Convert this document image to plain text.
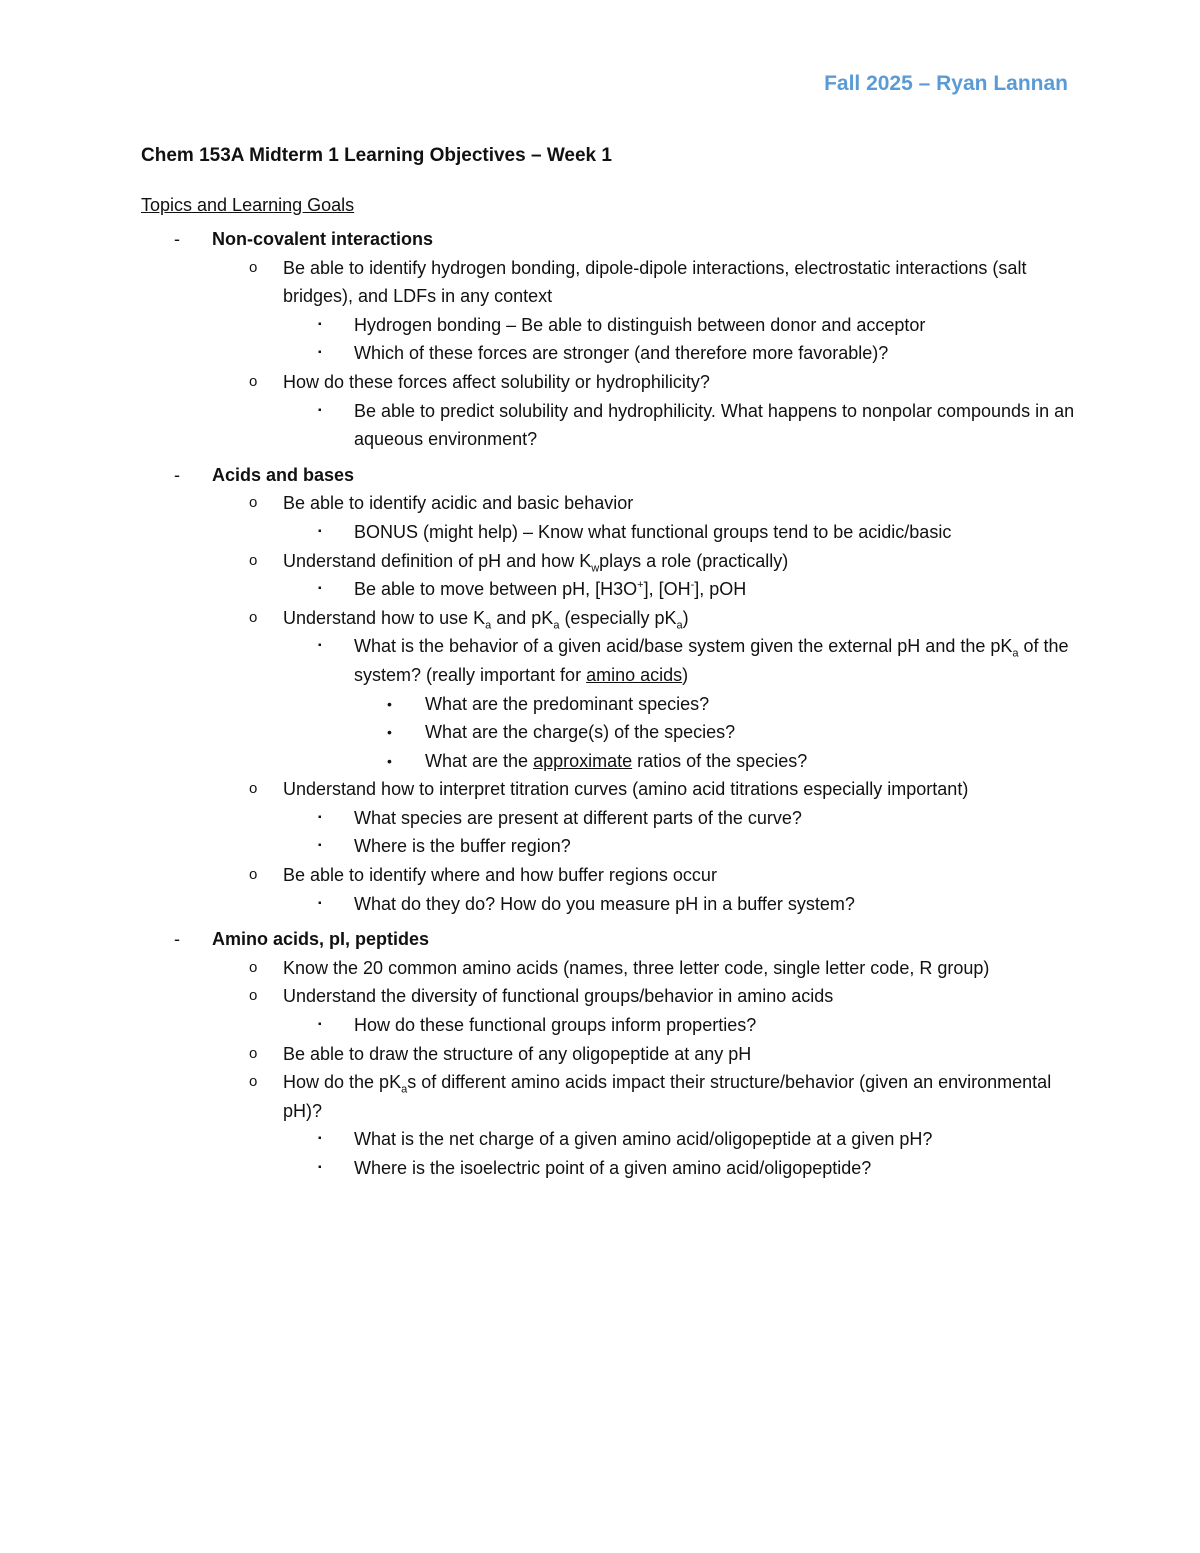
Fall 2025 – Ryan Lannan

Chem 153A Midterm 1 Learning Objectives – Week 1

Topics and Learning Goals

- Non-covalent interactions
o Be able to identify hydrogen bonding, dipole-dipole interactions, electrostatic interactions (salt bridges), and LDFs in any context
▪ Hydrogen bonding – Be able to distinguish between donor and acceptor
▪ Which of these forces are stronger (and therefore more favorable)?
o How do these forces affect solubility or hydrophilicity?
▪ Be able to predict solubility and hydrophilicity. What happens to nonpolar compounds in an aqueous environment?
- Acids and bases
o Be able to identify acidic and basic behavior
▪ BONUS (might help) – Know what functional groups tend to be acidic/basic
o Understand definition of pH and how $K_wplays$ a role (practically)
▪ Be able to move between pH, [H3O+], [OH-], pOH
o Understand how to use $K_a$ and $pK_a$ (especially $pK_a$)
▪ What is the behavior of a given acid/base system given the external pH and the $pK_a$ of the system? (really important for amino acids)
• What are the predominant species?
• What are the charge(s) of the species?
• What are the approximate ratios of the species?
o Understand how to interpret titration curves (amino acid titrations especially important)
▪ What species are present at different parts of the curve?
▪ Where is the buffer region?
o Be able to identify where and how buffer regions occur
▪ What do they do? How do you measure pH in a buffer system?
- Amino acids, pI, peptides
o Know the 20 common amino acids (names, three letter code, single letter code, R group)
o Understand the diversity of functional groups/behavior in amino acids
▪ How do these functional groups inform properties?
o Be able to draw the structure of any oligopeptide at any pH
o How do the $pK_as$ of different amino acids impact their structure/behavior (given an environmental pH)?
▪ What is the net charge of a given amino acid/oligopeptide at a given pH?
▪ Where is the isoelectric point of a given amino acid/oligopeptide?
